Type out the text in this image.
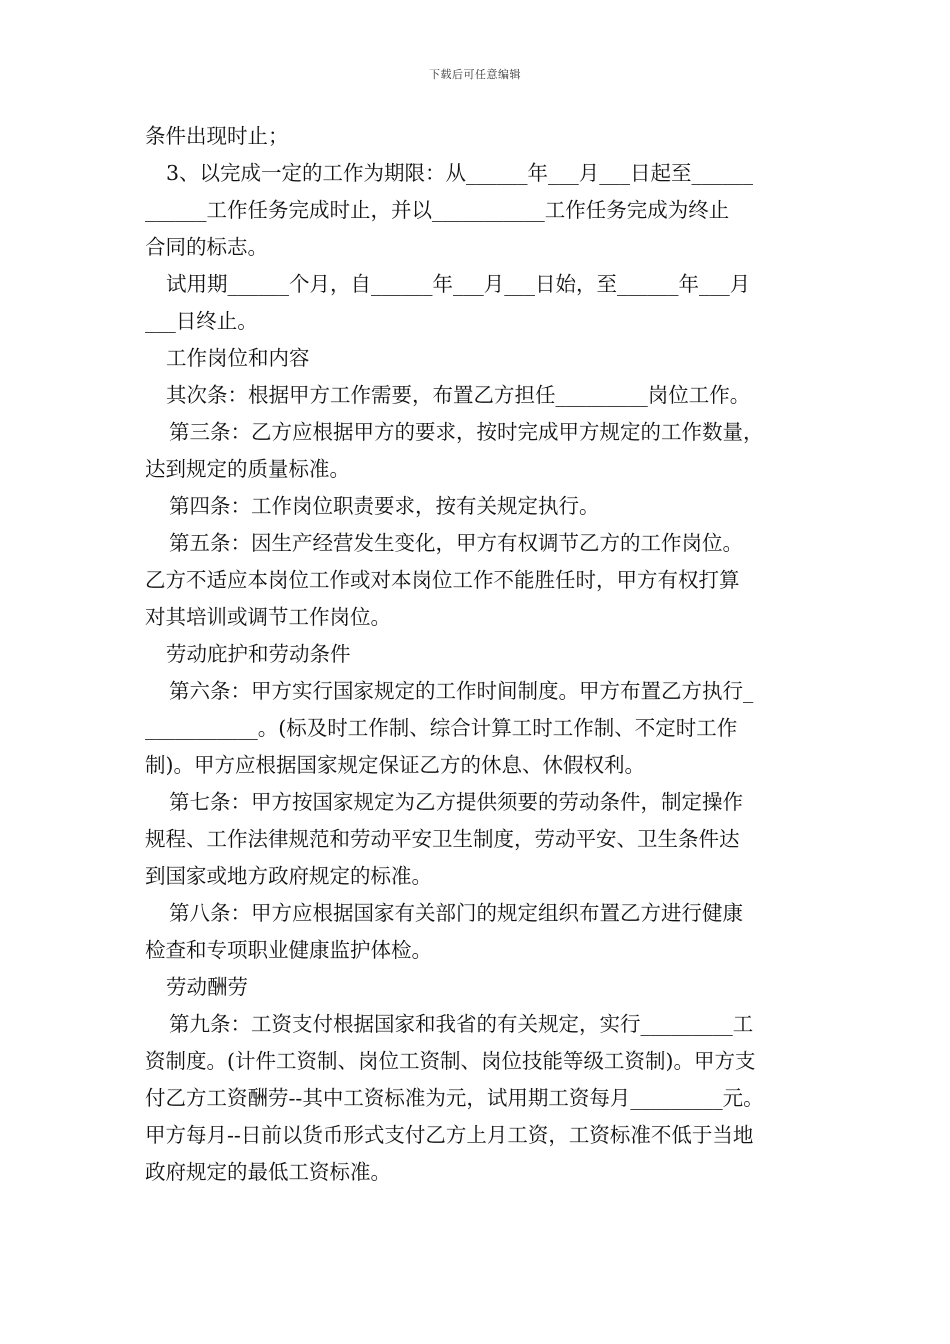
下载后可任意编辑
条件出现时止；
3、以完成一定的工作为期限：从______年___月___日起至______
______工作任务完成时止，并以___________工作任务完成为终止
合同的标志。
试用期______个月，自______年___月___日始，至______年___月
___日终止。
工作岗位和内容
其次条：根据甲方工作需要，布置乙方担任_________岗位工作。
第三条：乙方应根据甲方的要求，按时完成甲方规定的工作数量，
达到规定的质量标准。
第四条：工作岗位职责要求，按有关规定执行。
第五条：因生产经营发生变化，甲方有权调节乙方的工作岗位。
乙方不适应本岗位工作或对本岗位工作不能胜任时，甲方有权打算
对其培训或调节工作岗位。
劳动庇护和劳动条件
第六条：甲方实行国家规定的工作时间制度。甲方布置乙方执行_
___________。(标及时工作制、综合计算工时工作制、不定时工作
制)。甲方应根据国家规定保证乙方的休息、休假权利。
第七条：甲方按国家规定为乙方提供须要的劳动条件，制定操作
规程、工作法律规范和劳动平安卫生制度，劳动平安、卫生条件达
到国家或地方政府规定的标准。
第八条：甲方应根据国家有关部门的规定组织布置乙方进行健康
检查和专项职业健康监护体检。
劳动酬劳
第九条：工资支付根据国家和我省的有关规定，实行_________工
资制度。(计件工资制、岗位工资制、岗位技能等级工资制)。甲方支
付乙方工资酬劳--其中工资标准为元，试用期工资每月_________元。
甲方每月--日前以货币形式支付乙方上月工资，工资标准不低于当地
政府规定的最低工资标准。
